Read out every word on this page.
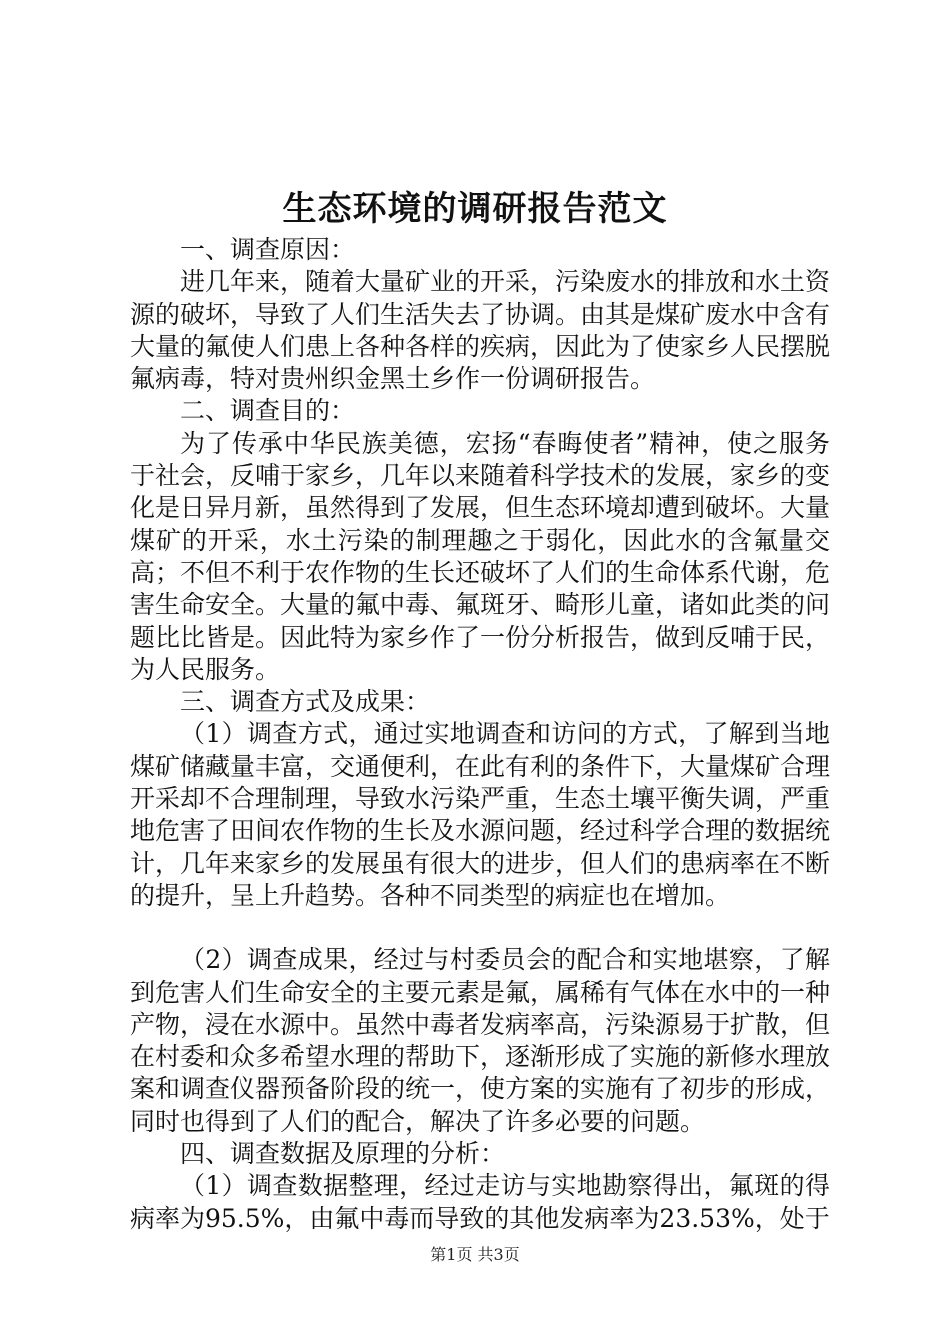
生态环境的调研报告范文

一、调查原因：

进几年来，随着大量矿业的开采，污染废水的排放和水土资源的破坏，导致了人们生活失去了协调。由其是煤矿废水中含有大量的氟使人们患上各种各样的疾病，因此为了使家乡人民摆脱氟病毒，特对贵州织金黑土乡作一份调研报告。

二、调查目的：

为了传承中华民族美德，宏扬“春晦使者”精神，使之服务于社会，反哺于家乡，几年以来随着科学技术的发展，家乡的变化是日异月新，虽然得到了发展，但生态环境却遭到破坏。大量煤矿的开采，水土污染的制理趣之于弱化，因此水的含氟量交高；不但不利于农作物的生长还破坏了人们的生命体系代谢，危害生命安全。大量的氟中毒、氟斑牙、畸形儿童，诸如此类的问题比比皆是。因此特为家乡作了一份分析报告，做到反哺于民，为人民服务。

三、调查方式及成果：

（1）调查方式，通过实地调查和访问的方式，了解到当地煤矿储藏量丰富，交通便利，在此有利的条件下，大量煤矿合理开采却不合理制理，导致水污染严重，生态土壤平衡失调，严重地危害了田间农作物的生长及水源问题，经过科学合理的数据统计，几年来家乡的发展虽有很大的进步，但人们的患病率在不断的提升，呈上升趋势。各种不同类型的病症也在增加。

（2）调查成果，经过与村委员会的配合和实地堪察，了解到危害人们生命安全的主要元素是氟，属稀有气体在水中的一种产物，浸在水源中。虽然中毒者发病率高，污染源易于扩散，但在村委和众多希望水理的帮助下，逐渐形成了实施的新修水理放案和调查仪器预备阶段的统一，使方案的实施有了初步的形成，同时也得到了人们的配合，解决了许多必要的问题。

四、调查数据及原理的分析：

（1）调查数据整理，经过走访与实地勘察得出，氟斑的得病率为95.5%，由氟中毒而导致的其他发病率为23.53%，处于

第1页 共3页
